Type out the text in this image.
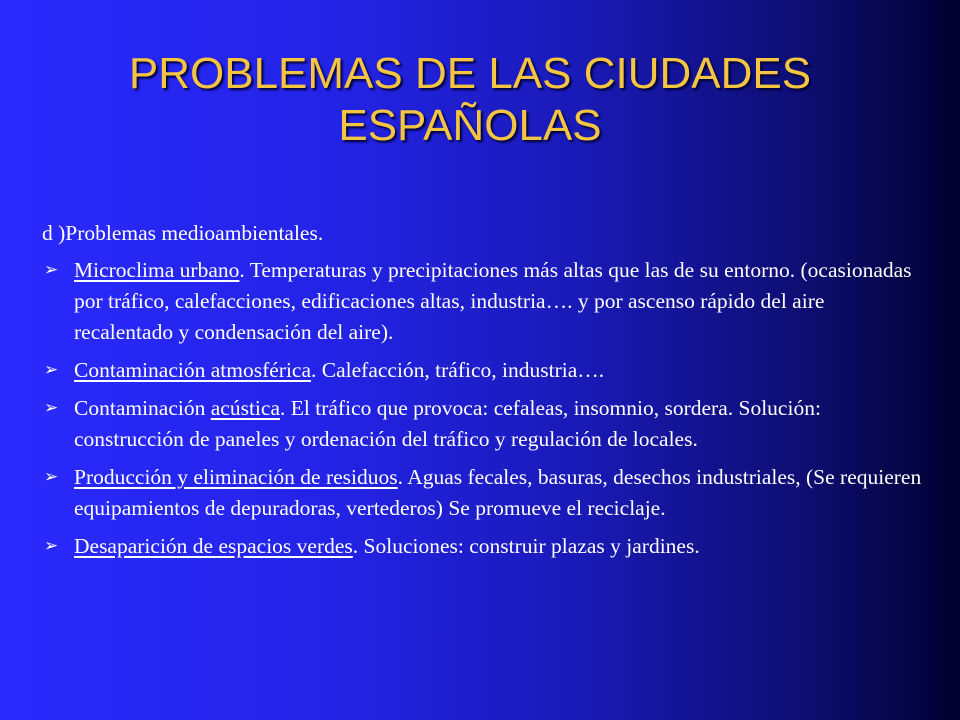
PROBLEMAS DE LAS CIUDADES
ESPAÑOLAS
d )Problemas medioambientales.
➢ Microclima urbano. Temperaturas y precipitaciones más altas que las de su entorno. (ocasionadas por tráfico, calefacciones, edificaciones altas, industria…. y por ascenso rápido del aire recalentado y condensación del aire).
➢ Contaminación atmosférica. Calefacción, tráfico, industria….
➢ Contaminación acústica. El tráfico que provoca: cefaleas, insomnio, sordera. Solución: construcción de paneles y ordenación del tráfico y regulación de locales.
➢ Producción y eliminación de residuos. Aguas fecales, basuras, desechos industriales, (Se requieren equipamientos de depuradoras, vertederos) Se promueve el reciclaje.
➢ Desaparición de espacios verdes. Soluciones: construir plazas y jardines.
